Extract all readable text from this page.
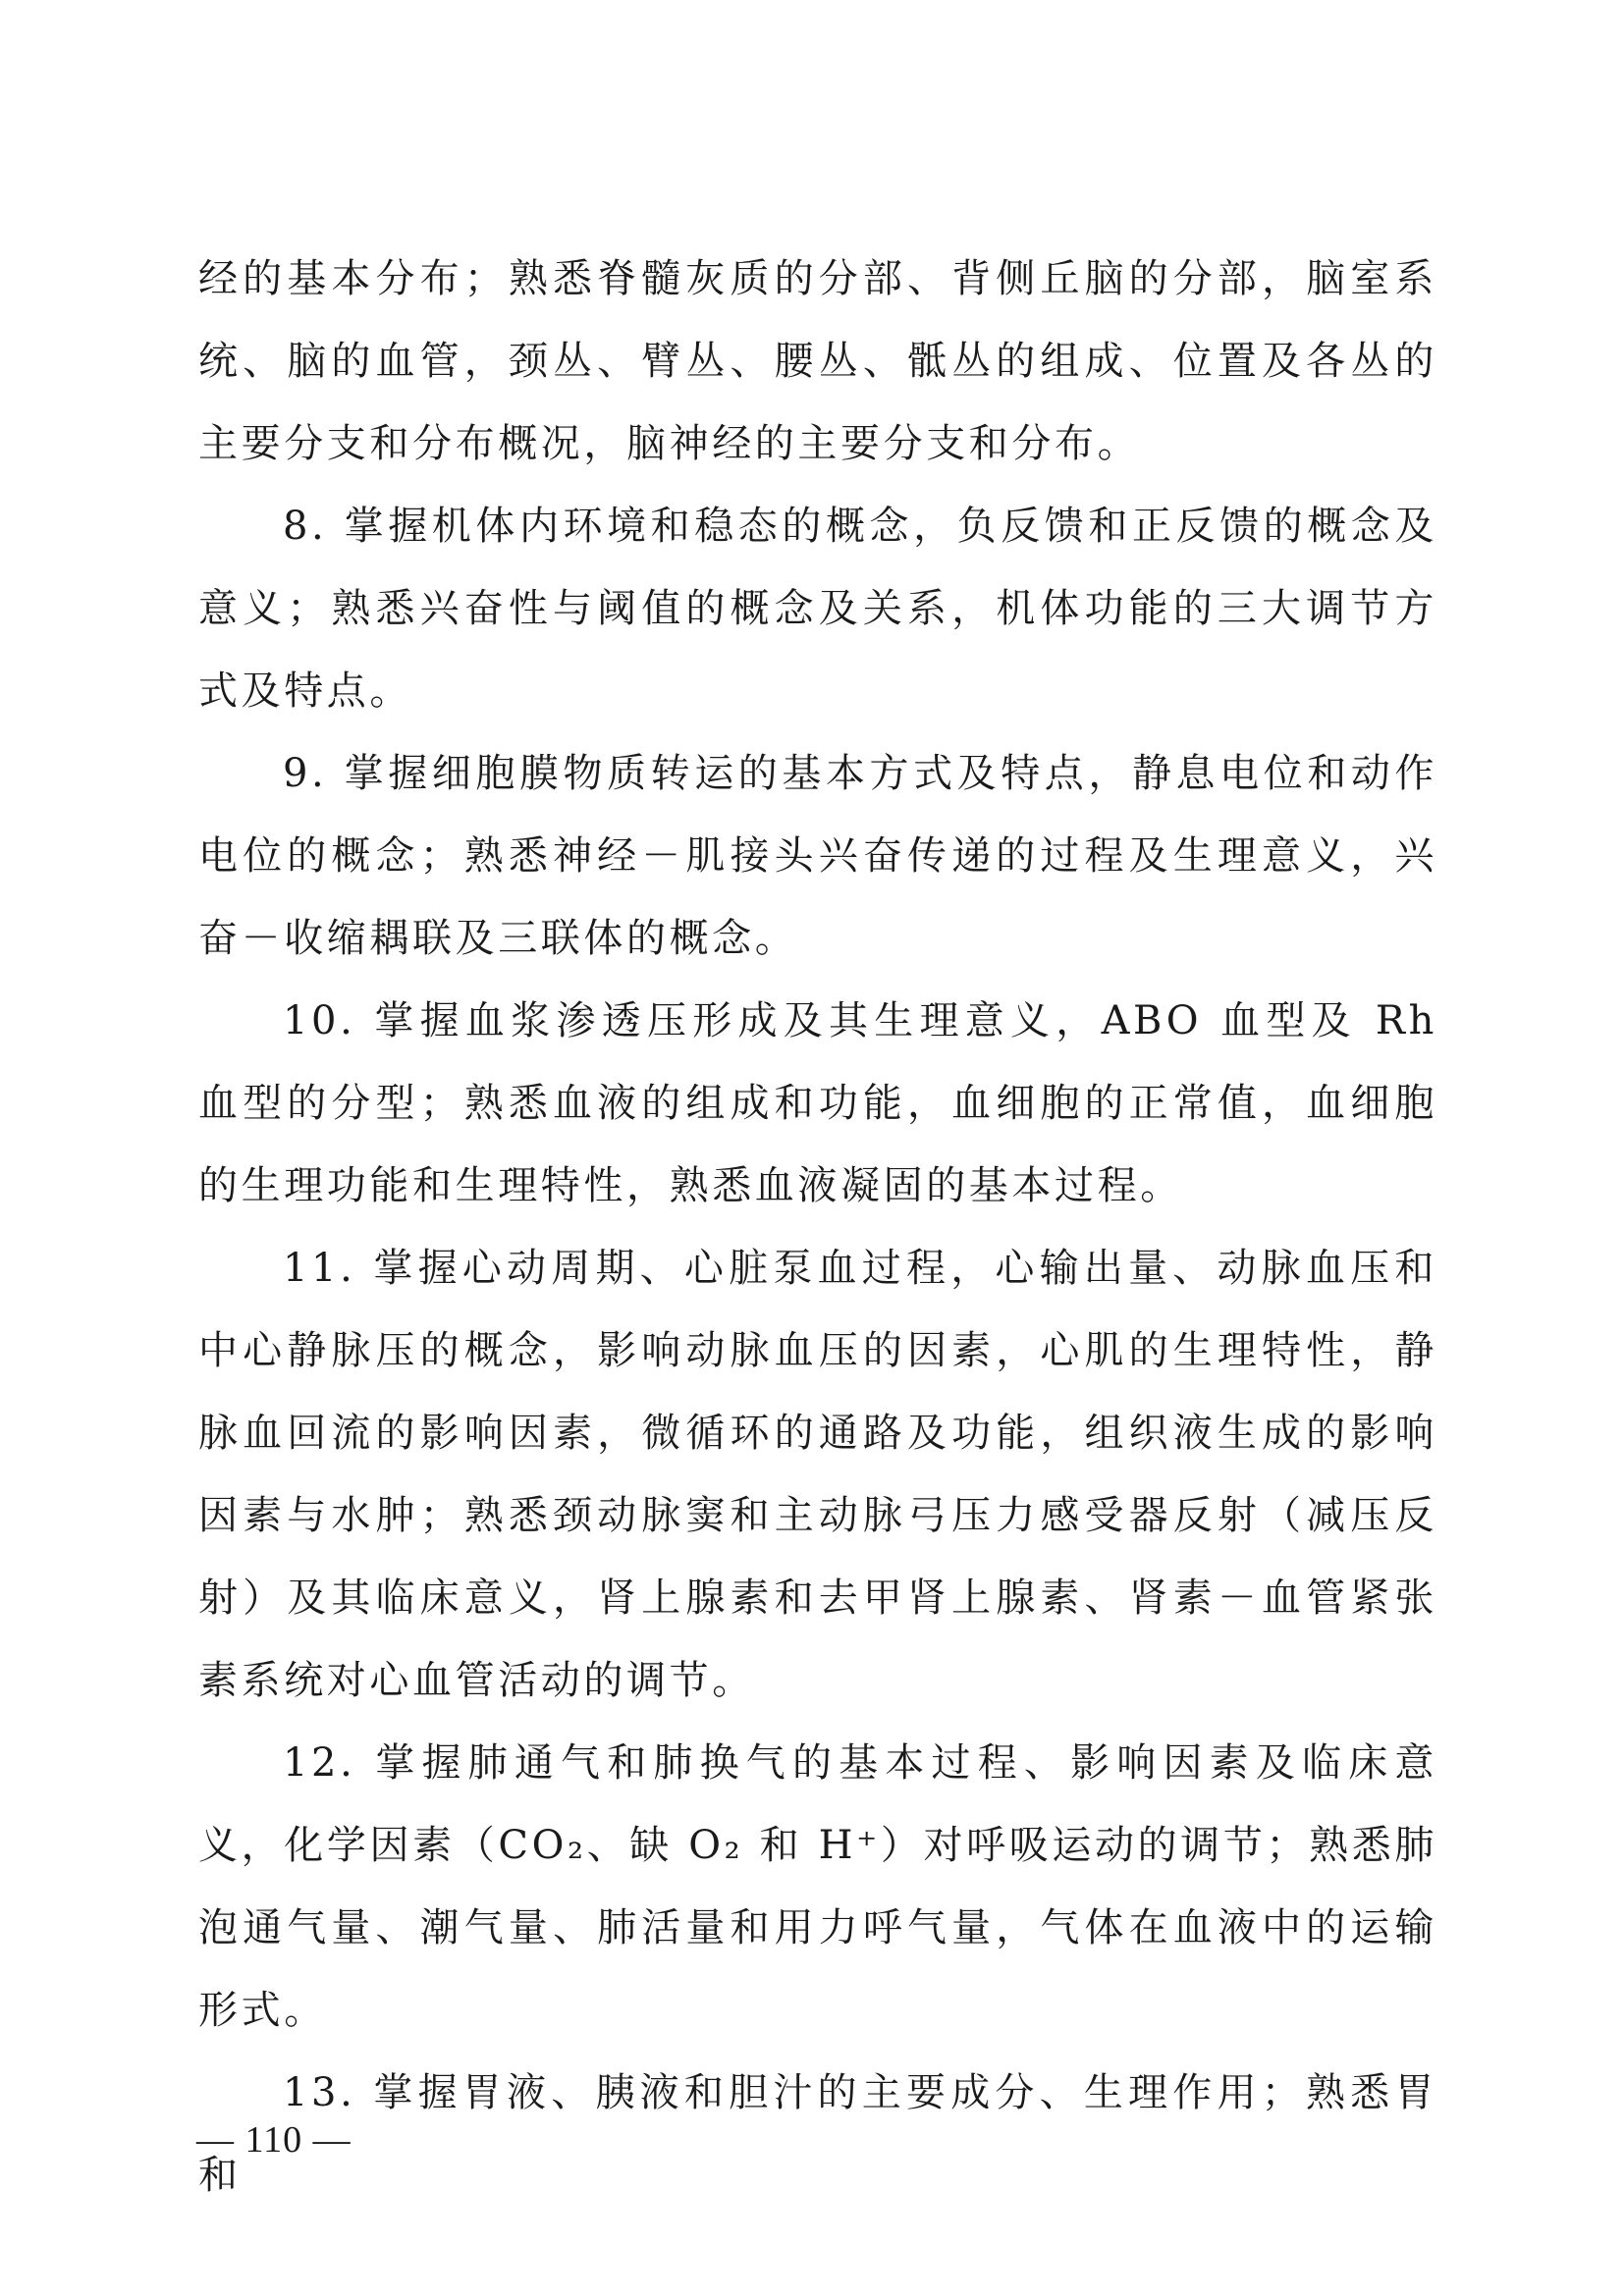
经的基本分布；熟悉脊髓灰质的分部、背侧丘脑的分部，脑室系统、脑的血管，颈丛、臂丛、腰丛、骶丛的组成、位置及各丛的主要分支和分布概况，脑神经的主要分支和分布。

8. 掌握机体内环境和稳态的概念，负反馈和正反馈的概念及意义；熟悉兴奋性与阈值的概念及关系，机体功能的三大调节方式及特点。

9. 掌握细胞膜物质转运的基本方式及特点，静息电位和动作电位的概念；熟悉神经－肌接头兴奋传递的过程及生理意义，兴奋－收缩耦联及三联体的概念。

10. 掌握血浆渗透压形成及其生理意义，ABO 血型及 Rh 血型的分型；熟悉血液的组成和功能，血细胞的正常值，血细胞的生理功能和生理特性，熟悉血液凝固的基本过程。

11. 掌握心动周期、心脏泵血过程，心输出量、动脉血压和中心静脉压的概念，影响动脉血压的因素，心肌的生理特性，静脉血回流的影响因素，微循环的通路及功能，组织液生成的影响因素与水肿；熟悉颈动脉窦和主动脉弓压力感受器反射（减压反射）及其临床意义，肾上腺素和去甲肾上腺素、肾素－血管紧张素系统对心血管活动的调节。

12. 掌握肺通气和肺换气的基本过程、影响因素及临床意义，化学因素（CO₂、缺 O₂ 和 H⁺）对呼吸运动的调节；熟悉肺泡通气量、潮气量、肺活量和用力呼气量，气体在血液中的运输形式。

13. 掌握胃液、胰液和胆汁的主要成分、生理作用；熟悉胃和

— 110 —
